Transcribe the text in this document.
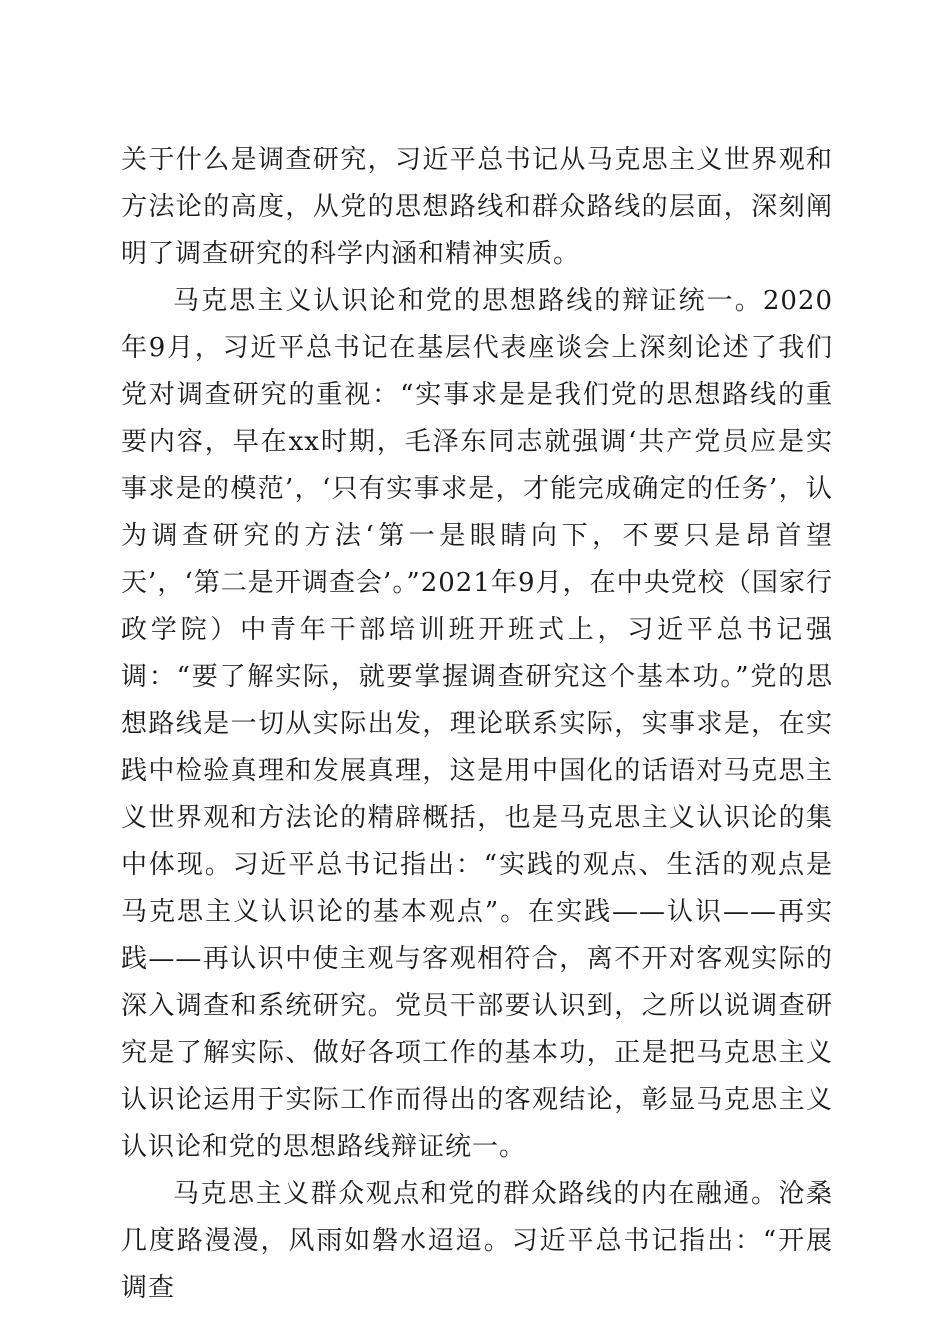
关于什么是调查研究，习近平总书记从马克思主义世界观和方法论的高度，从党的思想路线和群众路线的层面，深刻阐明了调查研究的科学内涵和精神实质。

马克思主义认识论和党的思想路线的辩证统一。2020年9月，习近平总书记在基层代表座谈会上深刻论述了我们党对调查研究的重视：“实事求是是我们党的思想路线的重要内容，早在xx时期，毛泽东同志就强调‘共产党员应是实事求是的模范’，‘只有实事求是，才能完成确定的任务’，认为调查研究的方法‘第一是眼睛向下，不要只是昂首望天’，‘第二是开调查会’。”2021年9月，在中央党校（国家行政学院）中青年干部培训班开班式上，习近平总书记强调：“要了解实际，就要掌握调查研究这个基本功。”党的思想路线是一切从实际出发，理论联系实际，实事求是，在实践中检验真理和发展真理，这是用中国化的话语对马克思主义世界观和方法论的精辟概括，也是马克思主义认识论的集中体现。习近平总书记指出：“实践的观点、生活的观点是马克思主义认识论的基本观点”。在实践——认识——再实践——再认识中使主观与客观相符合，离不开对客观实际的深入调查和系统研究。党员干部要认识到，之所以说调查研究是了解实际、做好各项工作的基本功，正是把马克思主义认识论运用于实际工作而得出的客观结论，彰显马克思主义认识论和党的思想路线辩证统一。

马克思主义群众观点和党的群众路线的内在融通。沧桑几度路漫漫，风雨如磐水迢迢。习近平总书记指出：“开展调查
